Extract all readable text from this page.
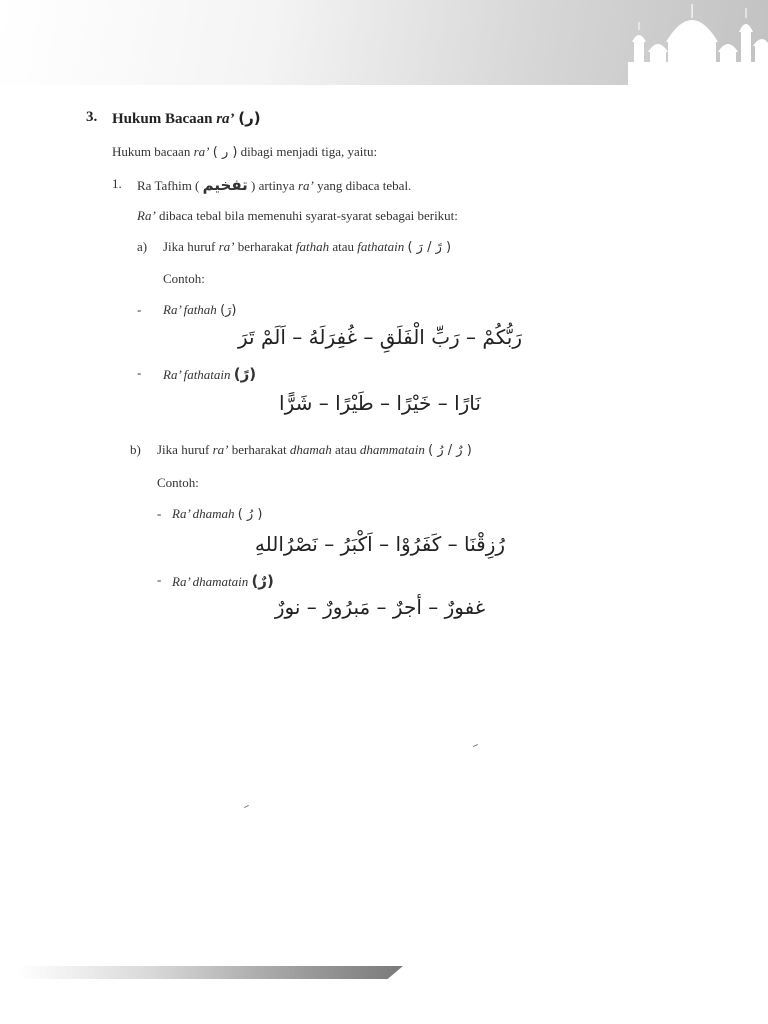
3. Hukum Bacaan ra’ (ر)
Hukum bacaan ra’ ( ر ) dibagi menjadi tiga, yaitu:
1. Ra Tafhim ( تفخيم ) artinya ra’ yang dibaca tebal.
Ra’ dibaca tebal bila memenuhi syarat-syarat sebagai berikut:
a) Jika huruf ra’ berharakat fathah atau fathatain ( رً / رَ )
Contoh:
- Ra’ fathah (رَ)
رَبُّكُمْ – رَبِّ الْفَلَقِ – غُفِرَلَهُ – اَلَمْ تَرَ
- Ra’ fathatain (رً)
نَارًا – خَيْرًا – طَيْرًا – شَرًّا
b) Jika huruf ra’ berharakat dhamah atau dhammatain ( رٌ / رُ )
Contoh:
- Ra’ dhamah ( رُ )
رُزِقْنَا – كَفَرُوْا – اَكْبَرُ – نَصْرُاللهِ
- Ra’ dhamatain (رٌ)
غفورٌ – أجرٌ – مَبرُورٌ – نورٌ
